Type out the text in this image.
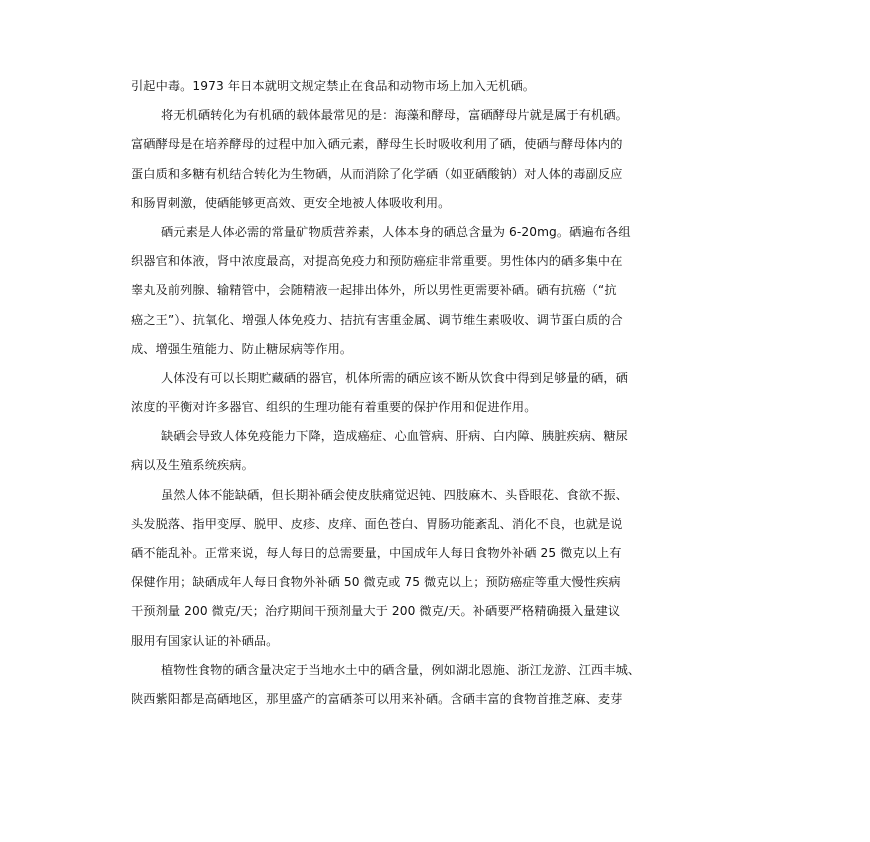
引起中毒。1973 年日本就明文规定禁止在食品和动物市场上加入无机硒。
将无机硒转化为有机硒的载体最常见的是：海藻和酵母，富硒酵母片就是属于有机硒。
富硒酵母是在培养酵母的过程中加入硒元素，酵母生长时吸收利用了硒，使硒与酵母体内的
蛋白质和多糖有机结合转化为生物硒，从而消除了化学硒（如亚硒酸钠）对人体的毒副反应
和肠胃刺激，使硒能够更高效、更安全地被人体吸收利用。
硒元素是人体必需的常量矿物质营养素，人体本身的硒总含量为 6-20mg。硒遍布各组
织器官和体液，肾中浓度最高，对提高免疫力和预防癌症非常重要。男性体内的硒多集中在
睾丸及前列腺、输精管中，会随精液一起排出体外，所以男性更需要补硒。硒有抗癌（“抗
癌之王”）、抗氧化、增强人体免疫力、拮抗有害重金属、调节维生素吸收、调节蛋白质的合
成、增强生殖能力、防止糖尿病等作用。
人体没有可以长期贮藏硒的器官，机体所需的硒应该不断从饮食中得到足够量的硒，硒
浓度的平衡对许多器官、组织的生理功能有着重要的保护作用和促进作用。
缺硒会导致人体免疫能力下降，造成癌症、心血管病、肝病、白内障、胰脏疾病、糖尿
病以及生殖系统疾病。
虽然人体不能缺硒，但长期补硒会使皮肤痛觉迟钝、四肢麻木、头昏眼花、食欲不振、
头发脱落、指甲变厚、脱甲、皮疹、皮痒、面色苍白、胃肠功能紊乱、消化不良，也就是说
硒不能乱补。正常来说，每人每日的总需要量，中国成年人每日食物外补硒 25 微克以上有
保健作用；缺硒成年人每日食物外补硒 50 微克或 75 微克以上；预防癌症等重大慢性疾病
干预剂量 200 微克/天；治疗期间干预剂量大于 200 微克/天。补硒要严格精确摄入量建议
服用有国家认证的补硒品。
植物性食物的硒含量决定于当地水土中的硒含量，例如湖北恩施、浙江龙游、江西丰城、
陕西紫阳都是高硒地区，那里盛产的富硒茶可以用来补硒。含硒丰富的食物首推芝麻、麦芽
